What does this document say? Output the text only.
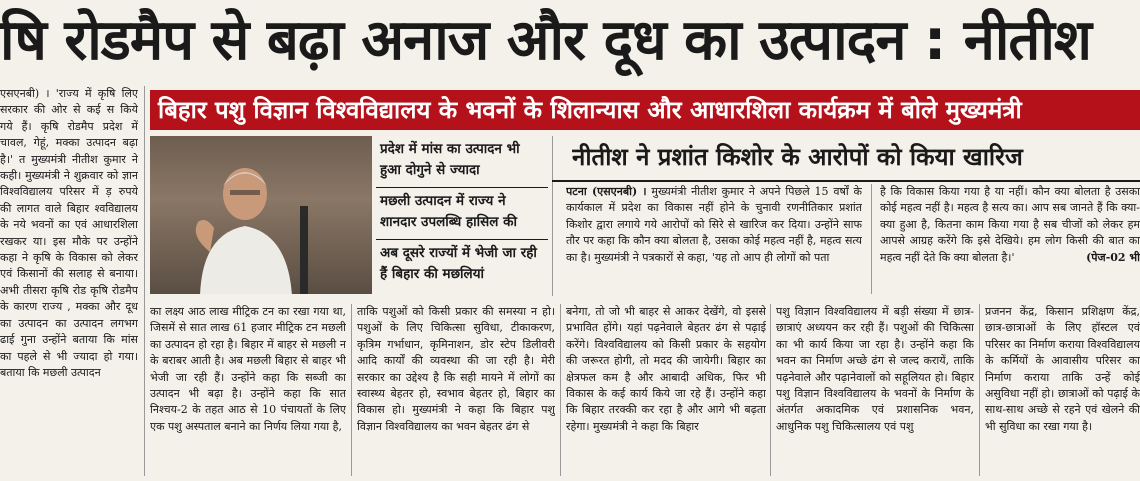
षि रोडमैप से बढ़ा अनाज और दूध का उत्पादन : नीतीश
बिहार पशु विज्ञान विश्वविद्यालय के भवनों के शिलान्यास और आधारशिला कार्यक्रम में बोले मुख्यमंत्री
एसएनबी) । 'राज्य में कृषि लिए सरकार की ओर से कई स किये गये हैं। कृषि रोडमैप प्रदेश में चावल, गेहूं, मक्का उत्पादन बढ़ा है।' त मुख्यमंत्री नीतीश कुमार ने कही। मुख्यमंत्री ने शुक्रवार को ज्ञान विश्वविद्यालय परिसर में ड़ रुपये की लागत वाले बिहार श्वविद्यालय के नये भवनों का एवं आधारशिला रखकर या। इस मौके पर उन्होंने कहा ने कृषि के विकास को लेकर एवं किसानों की सलाह से बनाया। अभी तीसरा कृषि रोड कृषि रोडमैप के कारण राज्य , मक्का और दूध का उत्पादन का उत्पादन लगभग ढाई गुना उन्होंने बताया कि मांस का पहले से भी ज्यादा हो गया। बताया कि मछली उत्पादन
प्रदेश में मांस का उत्पादन भी हुआ दोगुने से ज्यादा
मछली उत्पादन में राज्य ने शानदार उपलब्धि हासिल की
अब दूसरे राज्यों में भेजी जा रही हैं बिहार की मछलियां
नीतीश ने प्रशांत किशोर के आरोपों को किया खारिज
पटना (एसएनबी) । मुख्यमंत्री नीतीश कुमार ने अपने पिछले 15 वर्षों के कार्यकाल में प्रदेश का विकास नहीं होने के चुनावी रणनीतिकार प्रशांत किशोर द्वारा लगाये गये आरोपों को सिरे से खारिज कर दिया। उन्होंने साफ तौर पर कहा कि कौन क्या बोलता है, उसका कोई महत्व नहीं है, महत्व सत्य का है। मुख्यमंत्री ने पत्रकारों से कहा, 'यह तो आप ही लोगों को पता
है कि विकास किया गया है या नहीं। कौन क्या बोलता है उसका कोई महत्व नहीं है। महत्व है सत्य का। आप सब जानते हैं कि क्या-क्या हुआ है, कितना काम किया गया है सब चीजों को लेकर हम आपसे आग्रह करेंगे कि इसे देखिये। हम लोग किसी की बात का महत्व नहीं देते कि क्या बोलता है।'	(पेज-02 भी
का लक्ष्य आठ लाख मीट्रिक टन का रखा गया था, जिसमें से सात लाख 61 हजार मीट्रिक टन मछली का उत्पादन हो रहा है। बिहार में बाहर से मछली न के बराबर आती है। अब मछली बिहार से बाहर भी भेजी जा रही हैं। उन्होंने कहा कि सब्जी का उत्पादन भी बढ़ा है। उन्होंने कहा कि सात निश्चय-2 के तहत आठ से 10 पंचायतों के लिए एक पशु अस्पताल बनाने का निर्णय लिया गया है,
ताकि पशुओं को किसी प्रकार की समस्या न हो। पशुओं के लिए चिकित्सा सुविधा, टीकाकरण, कृत्रिम गर्भाधान, कृमिनाशन, डोर स्टेप डिलीवरी आदि कार्यों की व्यवस्था की जा रही है। मेरी सरकार का उद्देश्य है कि सही मायने में लोगों का स्वास्थ्य बेहतर हो, स्वभाव बेहतर हो, बिहार का विकास हो। मुख्यमंत्री ने कहा कि बिहार पशु विज्ञान विश्वविद्यालय का भवन बेहतर ढंग से
बनेगा, तो जो भी बाहर से आकर देखेंगे, वो इससे प्रभावित होंगे। यहां पढ़नेवाले बेहतर ढंग से पढ़ाई करेंगे। विश्वविद्यालय को किसी प्रकार के सहयोग की जरूरत होगी, तो मदद की जायेगी। बिहार का क्षेत्रफल कम है और आबादी अधिक, फिर भी विकास के कई कार्य किये जा रहे हैं। उन्होंने कहा कि बिहार तरक्की कर रहा है और आगे भी बढ़ता रहेगा। मुख्यमंत्री ने कहा कि बिहार
पशु विज्ञान विश्वविद्यालय में बड़ी संख्या में छात्र-छात्राएं अध्ययन कर रही हैं। पशुओं की चिकित्सा का भी कार्य किया जा रहा है। उन्होंने कहा कि भवन का निर्माण अच्छे ढंग से जल्द करायें, ताकि पढ़नेवाले और पढ़ानेवालों को सहूलियत हो। बिहार पशु विज्ञान विश्वविद्यालय के भवनों के निर्माण के अंतर्गत अकादमिक एवं प्रशासनिक भवन, आधुनिक पशु चिकित्सालय एवं पशु
प्रजनन केंद्र, किसान प्रशिक्षण केंद्र, छात्र-छात्राओं के लिए हॉस्टल एवं परिसर का निर्माण कराया विश्वविद्यालय के कर्मियों के आवासीय परिसर का निर्माण कराया ताकि उन्हें कोई असुविधा नहीं हो। छात्राओं को पढ़ाई के साथ-साथ अच्छे से रहने एवं खेलने की भी सुविधा का रखा गया है।
